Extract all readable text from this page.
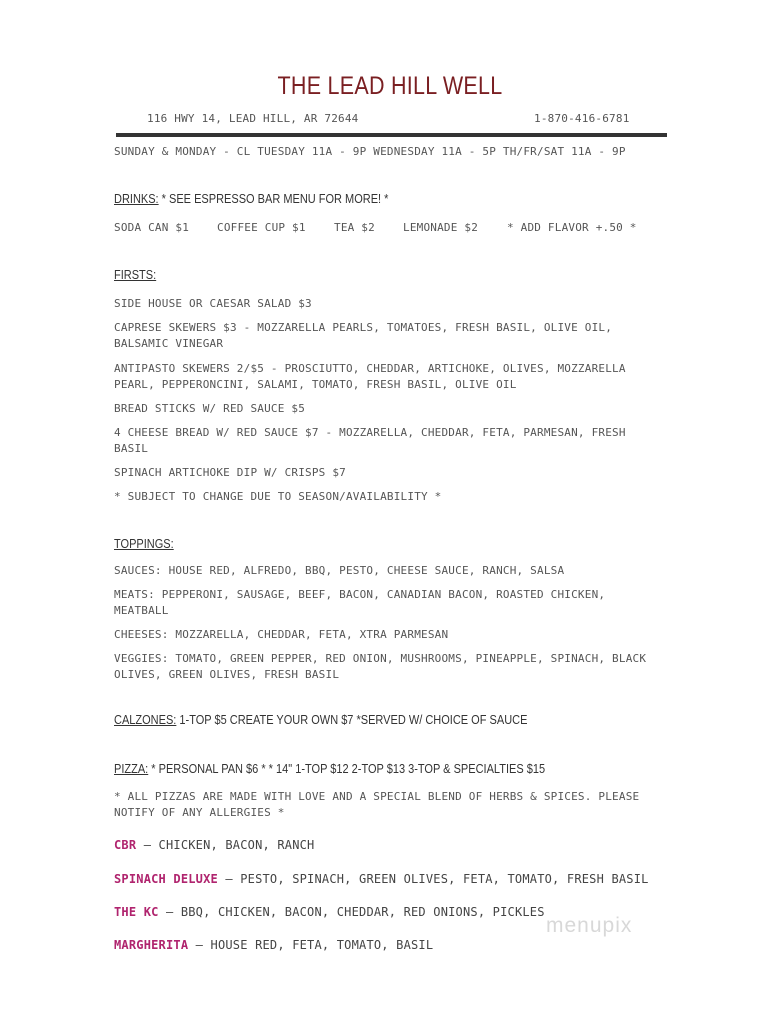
THE LEAD HILL WELL
116 HWY 14, LEAD HILL, AR 72644	1-870-416-6781
SUNDAY & MONDAY - CL TUESDAY 11A - 9P WEDNESDAY 11A - 5P TH/FR/SAT 11A - 9P
DRINKS: * SEE ESPRESSO BAR MENU FOR MORE! *
SODA CAN $1	COFFEE CUP $1	TEA $2	LEMONADE $2	* ADD FLAVOR +.50 *
FIRSTS:
SIDE HOUSE OR CAESAR SALAD $3
CAPRESE SKEWERS $3 - MOZZARELLA PEARLS, TOMATOES, FRESH BASIL, OLIVE OIL, BALSAMIC VINEGAR
ANTIPASTO SKEWERS 2/$5 - PROSCIUTTO, CHEDDAR, ARTICHOKE, OLIVES, MOZZARELLA PEARL, PEPPERONCINI, SALAMI, TOMATO, FRESH BASIL, OLIVE OIL
BREAD STICKS W/ RED SAUCE $5
4 CHEESE BREAD W/ RED SAUCE $7 - MOZZARELLA, CHEDDAR, FETA, PARMESAN, FRESH BASIL
SPINACH ARTICHOKE DIP W/ CRISPS $7
* SUBJECT TO CHANGE DUE TO SEASON/AVAILABILITY *
TOPPINGS:
SAUCES: HOUSE RED, ALFREDO, BBQ, PESTO, CHEESE SAUCE, RANCH, SALSA
MEATS: PEPPERONI, SAUSAGE, BEEF, BACON, CANADIAN BACON, ROASTED CHICKEN, MEATBALL
CHEESES: MOZZARELLA, CHEDDAR, FETA, XTRA PARMESAN
VEGGIES: TOMATO, GREEN PEPPER, RED ONION, MUSHROOMS, PINEAPPLE, SPINACH, BLACK OLIVES, GREEN OLIVES, FRESH BASIL
CALZONES: 1-TOP $5 CREATE YOUR OWN $7 *SERVED W/ CHOICE OF SAUCE
PIZZA: * PERSONAL PAN $6 * * 14" 1-TOP $12 2-TOP $13 3-TOP & SPECIALTIES $15
* ALL PIZZAS ARE MADE WITH LOVE AND A SPECIAL BLEND OF HERBS & SPICES. PLEASE NOTIFY OF ANY ALLERGIES *
CBR – CHICKEN, BACON, RANCH
SPINACH DELUXE – PESTO, SPINACH, GREEN OLIVES, FETA, TOMATO, FRESH BASIL
THE KC – BBQ, CHICKEN, BACON, CHEDDAR, RED ONIONS, PICKLES
MARGHERITA – HOUSE RED, FETA, TOMATO, BASIL
menupix
